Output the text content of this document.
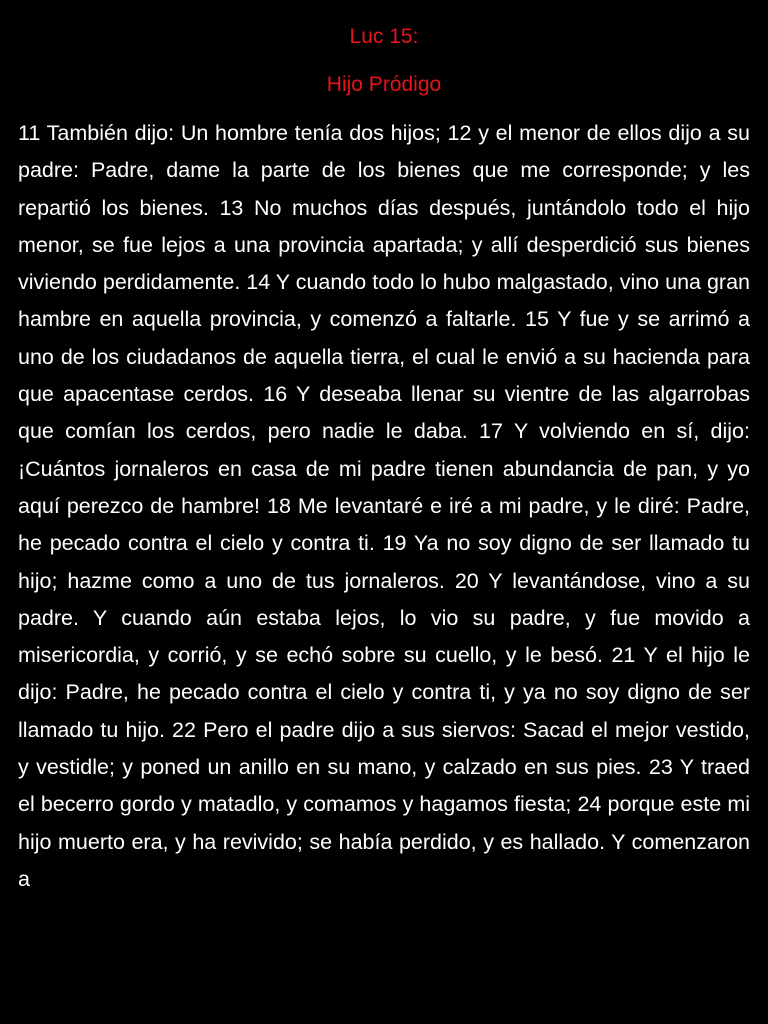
Luc 15:
Hijo Pródigo

11 También dijo: Un hombre tenía dos hijos; 12 y el menor de ellos dijo a su padre: Padre, dame la parte de los bienes que me corresponde; y les repartió los bienes. 13 No muchos días después, juntándolo todo el hijo menor, se fue lejos a una provincia apartada; y allí desperdició sus bienes viviendo perdidamente. 14 Y cuando todo lo hubo malgastado, vino una gran hambre en aquella provincia, y comenzó a faltarle. 15 Y fue y se arrimó a uno de los ciudadanos de aquella tierra, el cual le envió a su hacienda para que apacentase cerdos. 16 Y deseaba llenar su vientre de las algarrobas que comían los cerdos, pero nadie le daba. 17 Y volviendo en sí, dijo: ¡Cuántos jornaleros en casa de mi padre tienen abundancia de pan, y yo aquí perezco de hambre! 18 Me levantaré e iré a mi padre, y le diré: Padre, he pecado contra el cielo y contra ti. 19 Ya no soy digno de ser llamado tu hijo; hazme como a uno de tus jornaleros. 20 Y levantándose, vino a su padre. Y cuando aún estaba lejos, lo vio su padre, y fue movido a misericordia, y corrió, y se echó sobre su cuello, y le besó. 21 Y el hijo le dijo: Padre, he pecado contra el cielo y contra ti, y ya no soy digno de ser llamado tu hijo. 22 Pero el padre dijo a sus siervos: Sacad el mejor vestido, y vestidle; y poned un anillo en su mano, y calzado en sus pies. 23 Y traed el becerro gordo y matadlo, y comamos y hagamos fiesta; 24 porque este mi hijo muerto era, y ha revivido; se había perdido, y es hallado. Y comenzaron a
